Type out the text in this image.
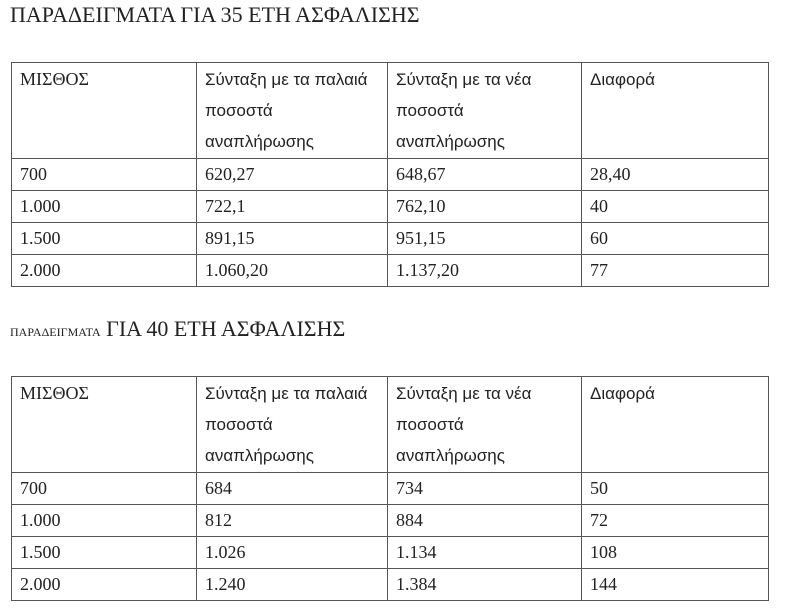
ΠΑΡΑΔΕΙΓΜΑΤΑ ΓΙΑ 35 ΕΤΗ ΑΣΦΑΛΙΣΗΣ
ΜΙΣΘΟΣ	Σύνταξη με τα παλαιά ποσοστά αναπλήρωσης	Σύνταξη με τα νέα ποσοστά αναπλήρωσης	Διαφορά
700	620,27	648,67	28,40
1.000	722,1	762,10	40
1.500	891,15	951,15	60
2.000	1.060,20	1.137,20	77
ΠΑΡΑΔΕΙΓΜΑΤΑ ΓΙΑ 40 ΕΤΗ ΑΣΦΑΛΙΣΗΣ
ΜΙΣΘΟΣ	Σύνταξη με τα παλαιά ποσοστά αναπλήρωσης	Σύνταξη με τα νέα ποσοστά αναπλήρωσης	Διαφορά
700	684	734	50
1.000	812	884	72
1.500	1.026	1.134	108
2.000	1.240	1.384	144
